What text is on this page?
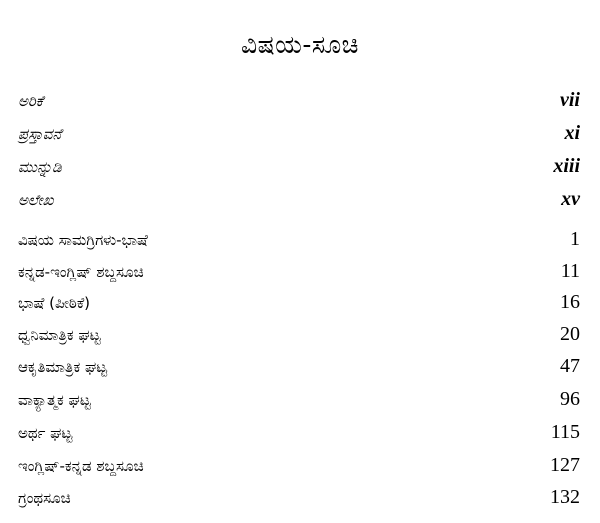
ವಿಷಯ-ಸೂಚಿ
ಅರಿಕೆ	vii
ಪ್ರಸ್ತಾವನೆ	xi
ಮುನ್ನುಡಿ	xiii
ಅಲೇಖ	xv
ವಿಷಯ ಸಾಮಗ್ರಿಗಳು-ಭಾಷೆ	1
ಕನ್ನಡ-ಇಂಗ್ಲಿಷ್ ಶಬ್ದಸೂಚಿ	11
ಭಾಷೆ (ಪೀಠಿಕೆ)	16
ಧ್ವನಿಮಾತ್ರಿಕ ಘಟ್ಟ	20
ಆಕೃತಿಮಾತ್ರಿಕ ಘಟ್ಟ	47
ವಾಕ್ಯಾತ್ಮಕ ಘಟ್ಟ	96
ಅರ್ಥ ಘಟ್ಟ	115
ಇಂಗ್ಲಿಷ್-ಕನ್ನಡ ಶಬ್ದಸೂಚಿ	127
ಗ್ರಂಥಸೂಚಿ	132
